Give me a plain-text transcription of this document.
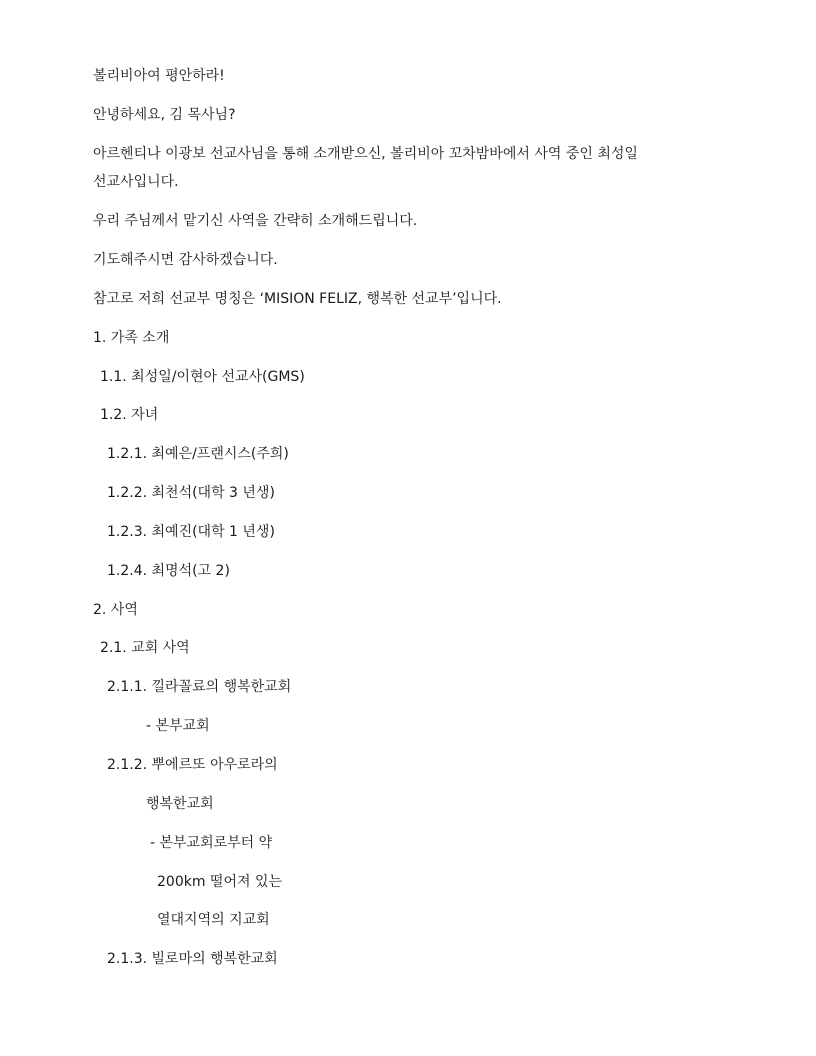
볼리비아여 평안하라!
안녕하세요, 김 목사님?
아르헨티나 이광보 선교사님을 통해 소개받으신, 볼리비아 꼬차밤바에서 사역 중인 최성일
선교사입니다.
우리 주님께서 맡기신 사역을 간략히 소개해드립니다.
기도해주시면 감사하겠습니다.
참고로 저희 선교부 명칭은 ‘MISION FELIZ, 행복한 선교부’입니다.
1. 가족 소개
1.1. 최성일/이현아 선교사(GMS)
1.2. 자녀
1.2.1. 최예은/프랜시스(주희)
1.2.2. 최천석(대학 3 년생)
1.2.3. 최예진(대학 1 년생)
1.2.4. 최명석(고 2)
2. 사역
2.1. 교회 사역
2.1.1. 낄라꼴료의 행복한교회
- 본부교회
2.1.2. 뿌에르또 아우로라의
행복한교회
- 본부교회로부터 약
200km 떨어져 있는
열대지역의 지교회
2.1.3. 빌로마의 행복한교회
